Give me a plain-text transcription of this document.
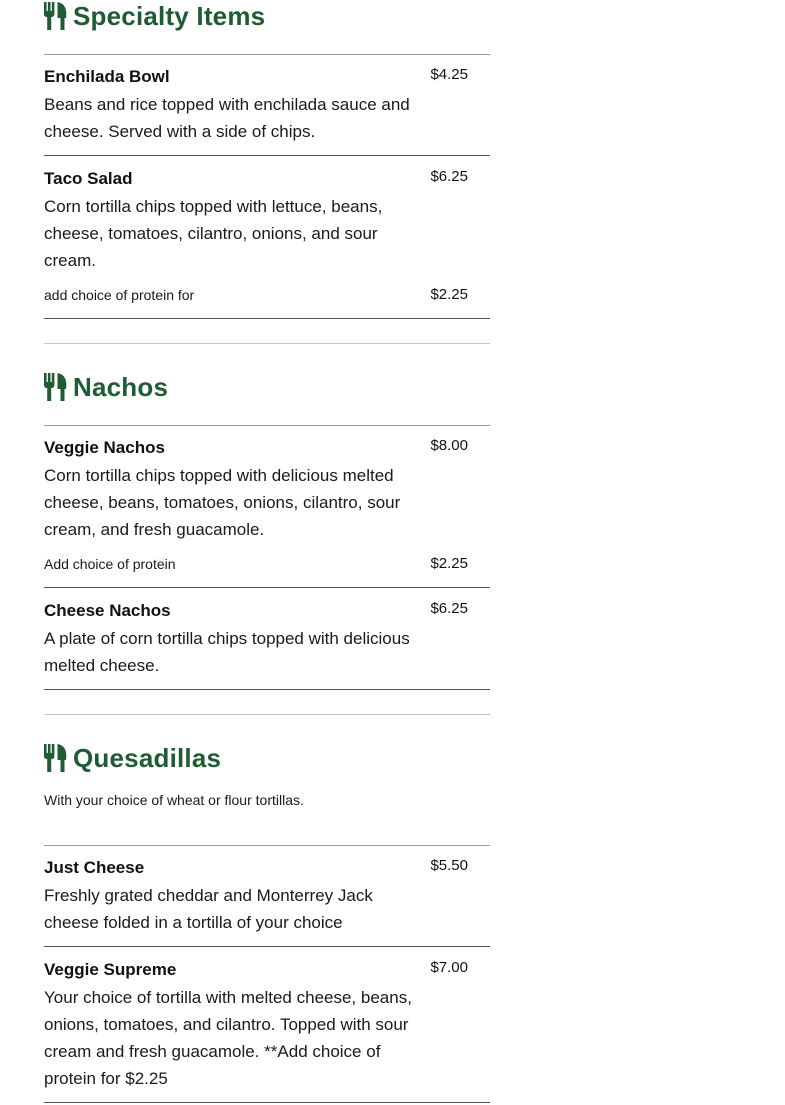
Specialty Items
Enchilada Bowl	$4.25
Beans and rice topped with enchilada sauce and cheese. Served with a side of chips.
Taco Salad	$6.25
Corn tortilla chips topped with lettuce, beans, cheese, tomatoes, cilantro, onions, and sour cream.
add choice of protein for	$2.25
Nachos
Veggie Nachos	$8.00
Corn tortilla chips topped with delicious melted cheese, beans, tomatoes, onions, cilantro, sour cream, and fresh guacamole.
Add choice of protein	$2.25
Cheese Nachos	$6.25
A plate of corn tortilla chips topped with delicious melted cheese.
Quesadillas
With your choice of wheat or flour tortillas.
Just Cheese	$5.50
Freshly grated cheddar and Monterrey Jack cheese folded in a tortilla of your choice
Veggie Supreme	$7.00
Your choice of tortilla with melted cheese, beans, onions, tomatoes, and cilantro. Topped with sour cream and fresh guacamole. **Add choice of protein for $2.25
